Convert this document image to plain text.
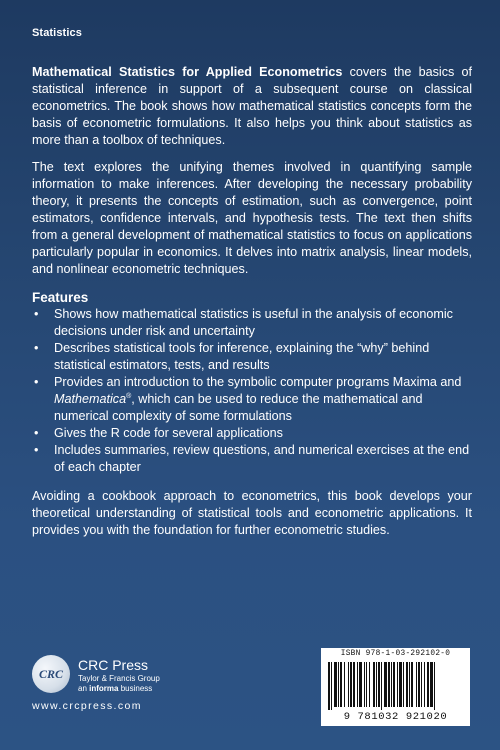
Statistics

Mathematical Statistics for Applied Econometrics covers the basics of statistical inference in support of a subsequent course on classical econometrics. The book shows how mathematical statistics concepts form the basis of econometric formulations. It also helps you think about statistics as more than a toolbox of techniques.

The text explores the unifying themes involved in quantifying sample information to make inferences. After developing the necessary probability theory, it presents the concepts of estimation, such as convergence, point estimators, confidence intervals, and hypothesis tests. The text then shifts from a general development of mathematical statistics to focus on applications particularly popular in economics. It delves into matrix analysis, linear models, and nonlinear econometric techniques.

Features
• Shows how mathematical statistics is useful in the analysis of economic decisions under risk and uncertainty
• Describes statistical tools for inference, explaining the “why” behind statistical estimators, tests, and results
• Provides an introduction to the symbolic computer programs Maxima and Mathematica®, which can be used to reduce the mathematical and numerical complexity of some formulations
• Gives the R code for several applications
• Includes summaries, review questions, and numerical exercises at the end of each chapter

Avoiding a cookbook approach to econometrics, this book develops your theoretical understanding of statistical tools and econometric applications. It provides you with the foundation for further econometric studies.

CRC
CRC Press
Taylor & Francis Group
an informa business
www.crcpress.com
ISBN 978-1-03-292102-0
9 781032 921020
